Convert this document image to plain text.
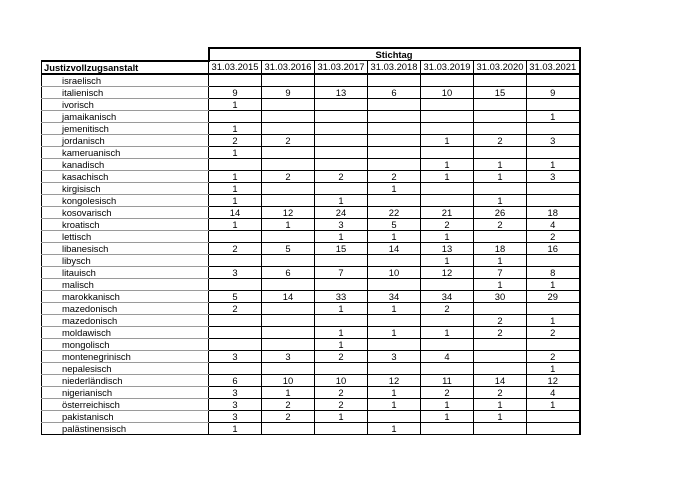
	Stichtag						
Justizvollzugsanstalt	31.03.2015	31.03.2016	31.03.2017	31.03.2018	31.03.2019	31.03.2020	31.03.2021
israelisch							
italienisch	9	9	13	6	10	15	9
ivorisch	1						
jamaikanisch							1
jemenitisch	1						
jordanisch	2	2			1	2	3
kameruanisch	1						
kanadisch					1	1	1
kasachisch	1	2	2	2	1	1	3
kirgisisch	1			1			
kongolesisch	1		1			1	
kosovarisch	14	12	24	22	21	26	18
kroatisch	1	1	3	5	2	2	4
lettisch			1	1	1		2
libanesisch	2	5	15	14	13	18	16
libysch					1	1	
litauisch	3	6	7	10	12	7	8
malisch						1	1
marokkanisch	5	14	33	34	34	30	29
mazedonisch	2		1	1	2		
mazedonisch						2	1
moldawisch			1	1	1	2	2
mongolisch			1				
montenegrinisch	3	3	2	3	4		2
nepalesisch							1
niederländisch	6	10	10	12	11	14	12
nigerianisch	3	1	2	1	2	2	4
österreichisch	3	2	2	1	1	1	1
pakistanisch	3	2	1		1	1	
palästinensisch	1			1			
